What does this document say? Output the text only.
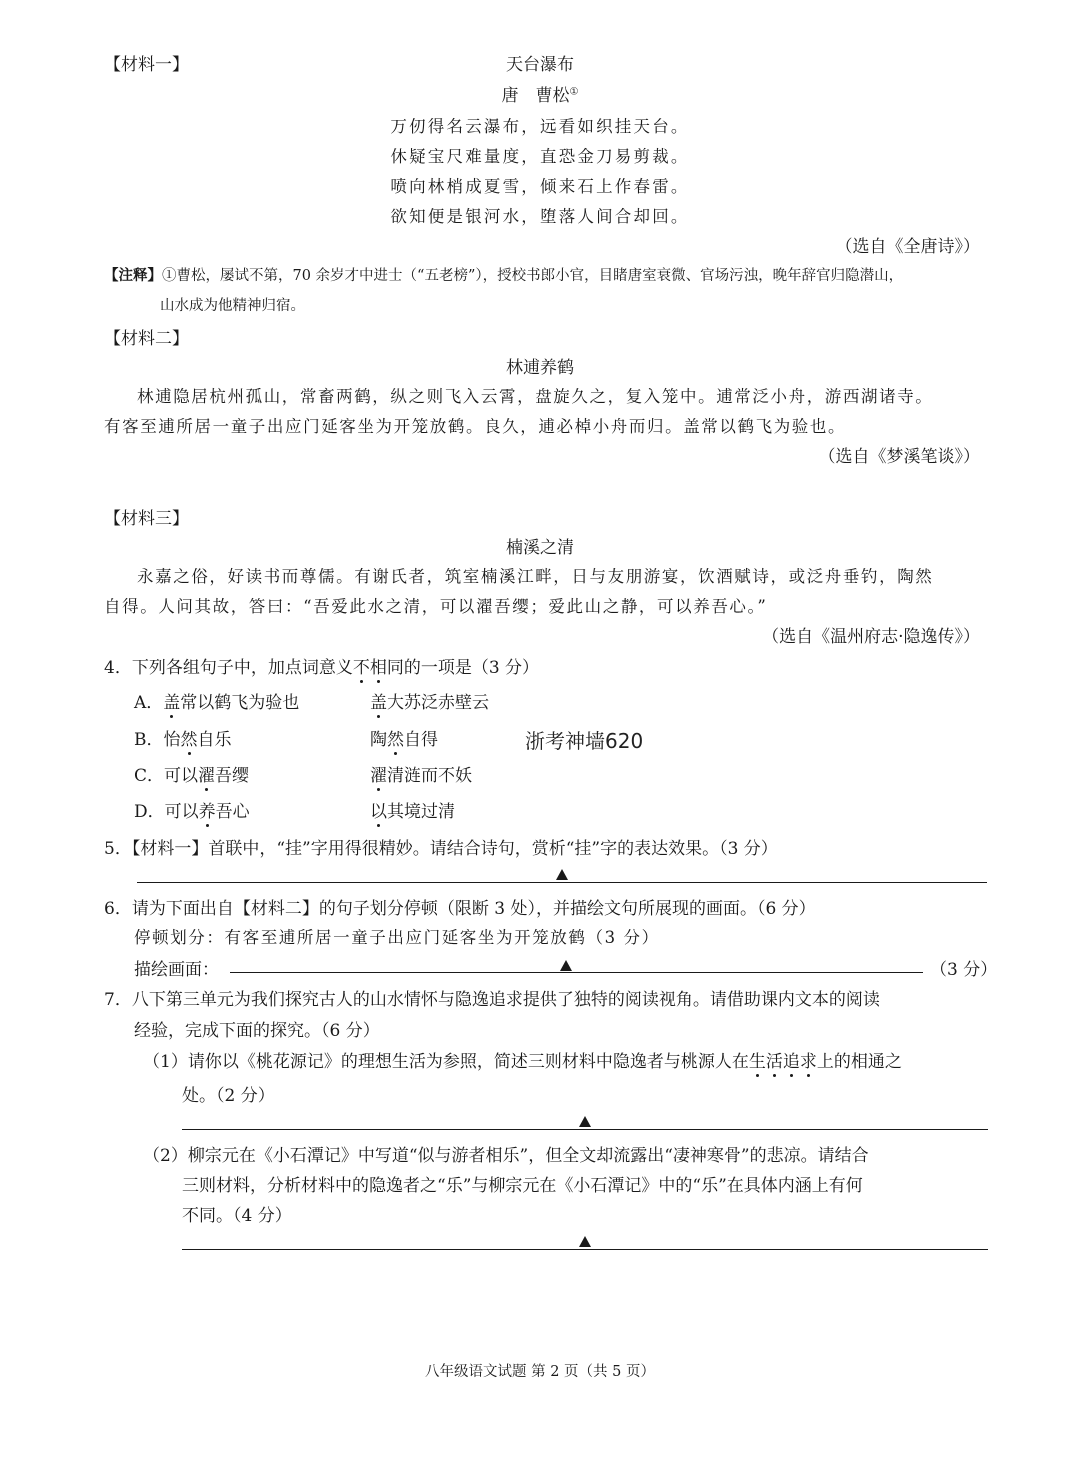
【材料一】	天台瀑布
唐　曹松①
万仞得名云瀑布，远看如织挂天台。
休疑宝尺难量度，直恐金刀易剪裁。
喷向林梢成夏雪，倾来石上作春雷。
欲知便是银河水，堕落人间合却回。
（选自《全唐诗》）
【注释】①曹松，屡试不第，70 余岁才中进士（“五老榜”），授校书郎小官，目睹唐室衰微、官场污浊，晚年辞官归隐潜山，
山水成为他精神归宿。
【材料二】
林逋养鹤
林逋隐居杭州孤山，常畜两鹤，纵之则飞入云霄，盘旋久之，复入笼中。逋常泛小舟，游西湖诸寺。
有客至逋所居一童子出应门延客坐为开笼放鹤。良久，逋必棹小舟而归。盖常以鹤飞为验也。
（选自《梦溪笔谈》）
【材料三】
楠溪之清
永嘉之俗，好读书而尊儒。有谢氏者，筑室楠溪江畔，日与友朋游宴，饮酒赋诗，或泛舟垂钓，陶然
自得。人问其故，答曰：“吾爱此水之清，可以濯吾缨；爱此山之静，可以养吾心。”
（选自《温州府志·隐逸传》）
4．下列各组句子中，加点词意义不相同的一项是（3 分）
A．盖常以鹤飞为验也	盖大苏泛赤壁云
B．怡然自乐	陶然自得	浙考神墙620
C．可以濯吾缨	濯清涟而不妖
D．可以养吾心	以其境过清
5．【材料一】首联中，“挂”字用得很精妙。请结合诗句，赏析“挂”字的表达效果。（3 分）
6．请为下面出自【材料二】的句子划分停顿（限断 3 处），并描绘文句所展现的画面。（6 分）
停顿划分：有客至逋所居一童子出应门延客坐为开笼放鹤（3 分）
描绘画面：	（3 分）
7．八下第三单元为我们探究古人的山水情怀与隐逸追求提供了独特的阅读视角。请借助课内文本的阅读
经验，完成下面的探究。（6 分）
（1）请你以《桃花源记》的理想生活为参照，简述三则材料中隐逸者与桃源人在生活追求上的相通之
处。（2 分）
（2）柳宗元在《小石潭记》中写道“似与游者相乐”，但全文却流露出“凄神寒骨”的悲凉。请结合
三则材料，分析材料中的隐逸者之“乐”与柳宗元在《小石潭记》中的“乐”在具体内涵上有何
不同。（4 分）
八年级语文试题 第 2 页（共 5 页）
